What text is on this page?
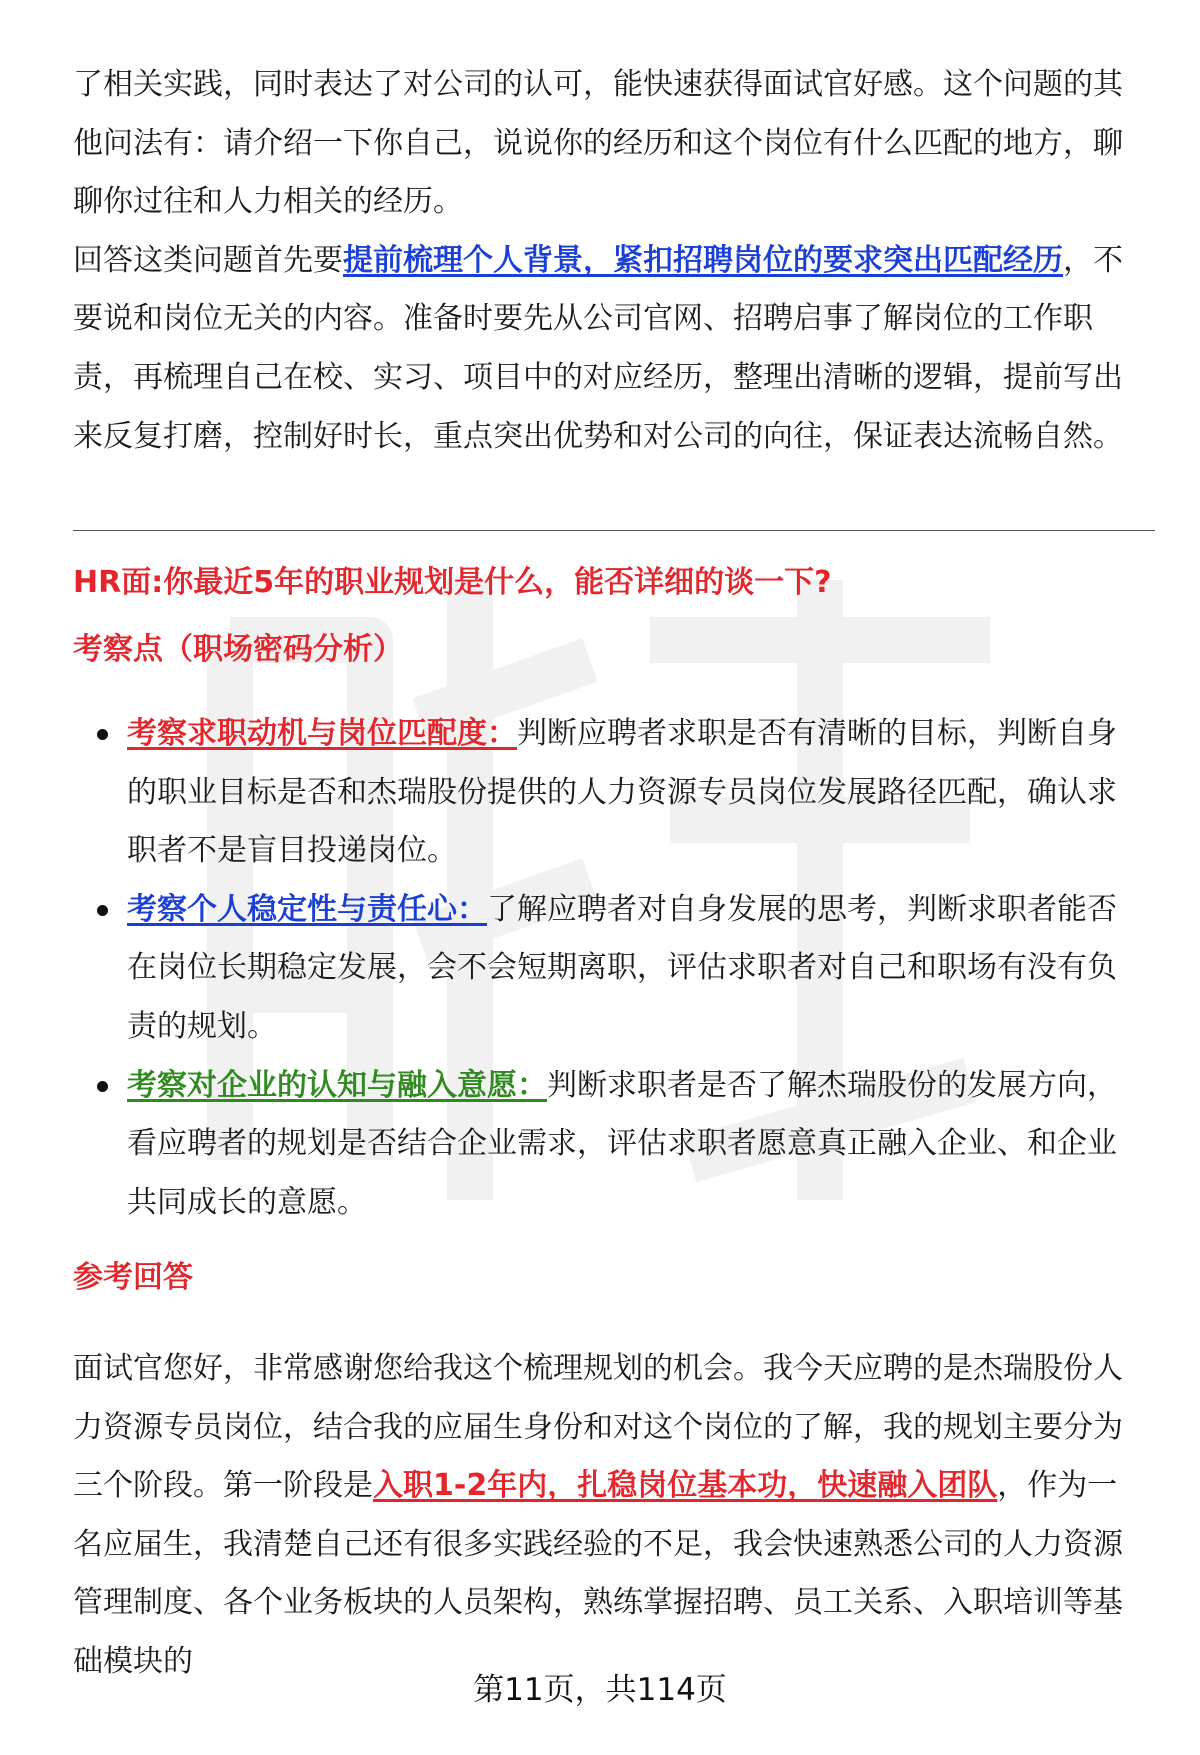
了相关实践，同时表达了对公司的认可，能快速获得面试官好感。这个问题的其他问法有：请介绍一下你自己，说说你的经历和这个岗位有什么匹配的地方，聊聊你过往和人力相关的经历。

回答这类问题首先要提前梳理个人背景，紧扣招聘岗位的要求突出匹配经历，不要说和岗位无关的内容。准备时要先从公司官网、招聘启事了解岗位的工作职责，再梳理自己在校、实习、项目中的对应经历，整理出清晰的逻辑，提前写出来反复打磨，控制好时长，重点突出优势和对公司的向往，保证表达流畅自然。

HR面:你最近5年的职业规划是什么，能否详细的谈一下?
考察点（职场密码分析）
考察求职动机与岗位匹配度：判断应聘者求职是否有清晰的目标，判断自身的职业目标是否和杰瑞股份提供的人力资源专员岗位发展路径匹配，确认求职者不是盲目投递岗位。
考察个人稳定性与责任心：了解应聘者对自身发展的思考，判断求职者能否在岗位长期稳定发展，会不会短期离职，评估求职者对自己和职场有没有负责的规划。
考察对企业的认知与融入意愿：判断求职者是否了解杰瑞股份的发展方向，看应聘者的规划是否结合企业需求，评估求职者愿意真正融入企业、和企业共同成长的意愿。
参考回答

面试官您好，非常感谢您给我这个梳理规划的机会。我今天应聘的是杰瑞股份人力资源专员岗位，结合我的应届生身份和对这个岗位的了解，我的规划主要分为三个阶段。第一阶段是入职1-2年内，扎稳岗位基本功，快速融入团队，作为一名应届生，我清楚自己还有很多实践经验的不足，我会快速熟悉公司的人力资源管理制度、各个业务板块的人员架构，熟练掌握招聘、员工关系、入职培训等基础模块的

第11页，共114页
